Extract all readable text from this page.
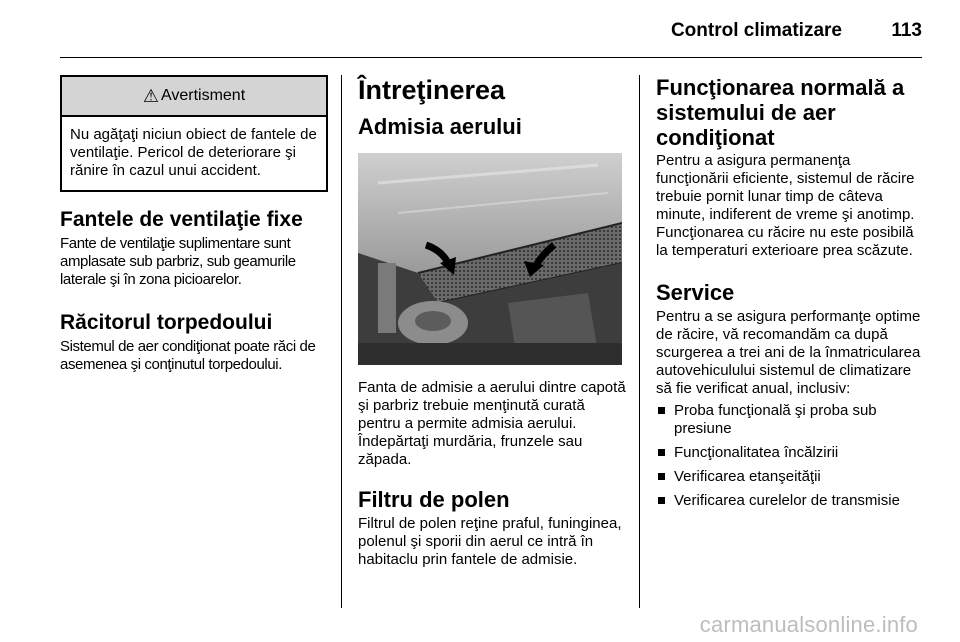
Control climatizare	113
⚠ Avertisment
Nu agăţaţi niciun obiect de fantele de ventilaţie. Pericol de deteriorare şi rănire în cazul unui accident.
Fantele de ventilaţie fixe

Fante de ventilaţie suplimentare sunt amplasate sub parbriz, sub geamurile laterale şi în zona picioarelor.

Răcitorul torpedoului

Sistemul de aer condiţionat poate răci de asemenea şi conţinutul torpedoului.

Întreţinerea
Admisia aerului

Fanta de admisie a aerului dintre capotă şi parbriz trebuie menţinută curată pentru a permite admisia aerului. Îndepărtaţi murdăria, frunzele sau zăpada.

Filtru de polen

Filtrul de polen reţine praful, funinginea, polenul şi sporii din aerul ce intră în habitaclu prin fantele de admisie.

Funcţionarea normală a sistemului de aer condiţionat

Pentru a asigura permanenţa funcţionării eficiente, sistemul de răcire trebuie pornit lunar timp de câteva minute, indiferent de vreme şi anotimp. Funcţionarea cu răcire nu este posibilă la temperaturi exterioare prea scăzute.

Service

Pentru a se asigura performanţe optime de răcire, vă recomandăm ca după scurgerea a trei ani de la înmatricularea autovehiculului sistemul de climatizare să fie verificat anual, inclusiv:

Proba funcţională şi proba sub presiune
Funcţionalitatea încălzirii
Verificarea etanşeităţii
Verificarea curelelor de transmisie
carmanualsonline.info
